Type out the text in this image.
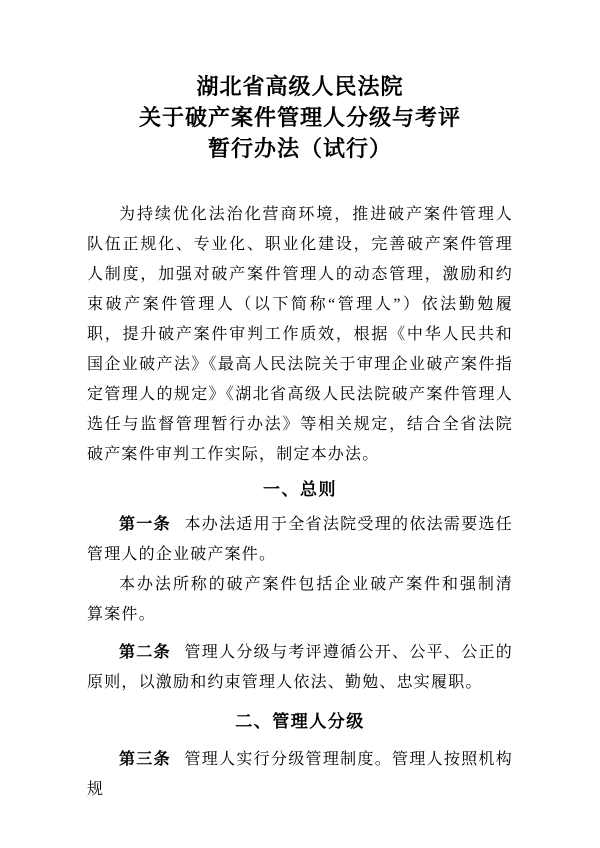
湖北省高级人民法院
关于破产案件管理人分级与考评
暂行办法（试行）

为持续优化法治化营商环境，推进破产案件管理人队伍正规化、专业化、职业化建设，完善破产案件管理人制度，加强对破产案件管理人的动态管理，激励和约束破产案件管理人（以下简称“管理人”）依法勤勉履职，提升破产案件审判工作质效，根据《中华人民共和国企业破产法》《最高人民法院关于审理企业破产案件指定管理人的规定》《湖北省高级人民法院破产案件管理人选任与监督管理暂行办法》等相关规定，结合全省法院破产案件审判工作实际，制定本办法。

一、总则

第一条 本办法适用于全省法院受理的依法需要选任管理人的企业破产案件。

本办法所称的破产案件包括企业破产案件和强制清算案件。

第二条 管理人分级与考评遵循公开、公平、公正的原则，以激励和约束管理人依法、勤勉、忠实履职。

二、管理人分级

第三条 管理人实行分级管理制度。管理人按照机构规
